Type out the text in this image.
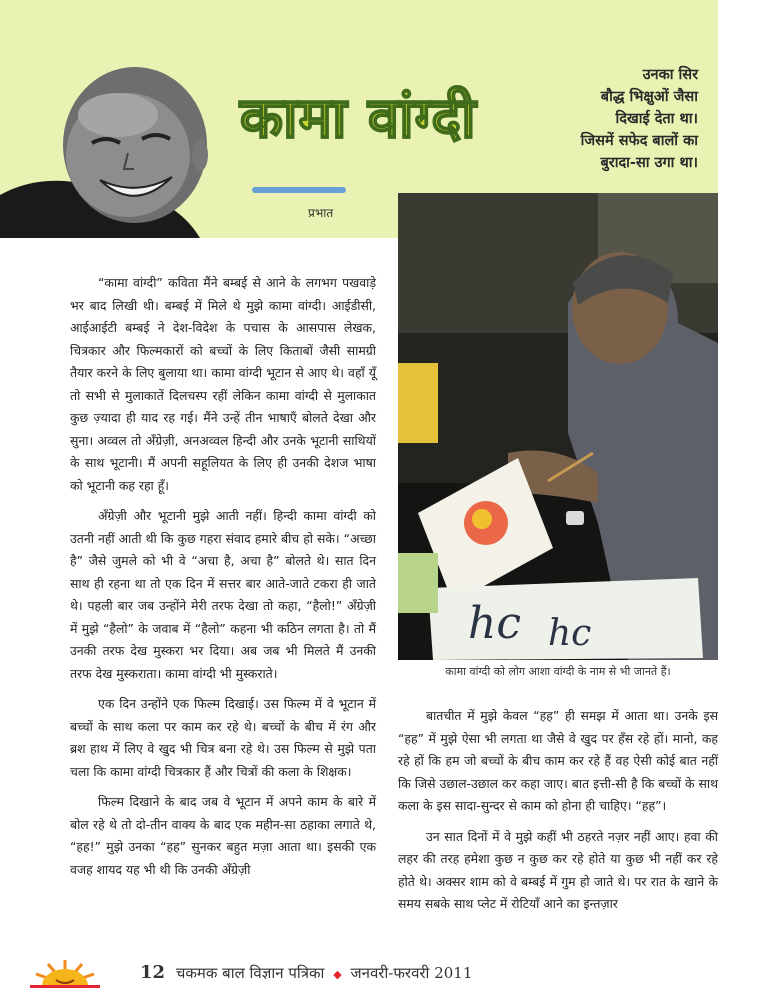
कामा वांग्दी
प्रभात
उनका सिर
बौद्ध भिक्षुओं जैसा
दिखाई देता था।
जिसमें सफेद बालों का
बुरादा-सा उगा था।
hc hc
कामा वांग्दी को लोग आशा वांग्दी के नाम से भी जानते हैं।

“कामा वांग्दी” कविता मैंने बम्बई से आने के लगभग पखवाड़े भर बाद लिखी थी। बम्बई में मिले थे मुझे कामा वांग्दी। आईडीसी, आईआईटी बम्बई ने देश-विदेश के पचास के आसपास लेखक, चित्रकार और फिल्मकारों को बच्चों के लिए किताबों जैसी सामग्री तैयार करने के लिए बुलाया था। कामा वांग्दी भूटान से आए थे। वहाँ यूँ तो सभी से मुलाकातें दिलचस्प रहीं लेकिन कामा वांग्दी से मुलाकात कुछ ज़्यादा ही याद रह गई। मैंने उन्हें तीन भाषाएँ बोलते देखा और सुना। अव्वल तो अँग्रेज़ी, अनअव्वल हिन्दी और उनके भूटानी साथियों के साथ भूटानी। मैं अपनी सहूलियत के लिए ही उनकी देशज भाषा को भूटानी कह रहा हूँ।

अँग्रेज़ी और भूटानी मुझे आती नहीं। हिन्दी कामा वांग्दी को उतनी नहीं आती थी कि कुछ गहरा संवाद हमारे बीच हो सके। “अच्छा है” जैसे जुमले को भी वे “अचा है, अचा है” बोलते थे। सात दिन साथ ही रहना था तो एक दिन में सत्तर बार आते-जाते टकरा ही जाते थे। पहली बार जब उन्होंने मेरी तरफ देखा तो कहा, “हैलो!” अँग्रेज़ी में मुझे “हैलो” के जवाब में “हैलो” कहना भी कठिन लगता है। तो मैं उनकी तरफ देख मुस्करा भर दिया। अब जब भी मिलते मैं उनकी तरफ देख मुस्कराता। कामा वांग्दी भी मुस्कराते।

एक दिन उन्होंने एक फिल्म दिखाई। उस फिल्म में वे भूटान में बच्चों के साथ कला पर काम कर रहे थे। बच्चों के बीच में रंग और ब्रश हाथ में लिए वे खुद भी चित्र बना रहे थे। उस फिल्म से मुझे पता चला कि कामा वांग्दी चित्रकार हैं और चित्रों की कला के शिक्षक।

फिल्म दिखाने के बाद जब वे भूटान में अपने काम के बारे में बोल रहे थे तो दो-तीन वाक्य के बाद एक महीन-सा ठहाका लगाते थे, “हह!” मुझे उनका “हह” सुनकर बहुत मज़ा आता था। इसकी एक वजह शायद यह भी थी कि उनकी अँग्रेज़ी

बातचीत में मुझे केवल “हह” ही समझ में आता था। उनके इस “हह” में मुझे ऐसा भी लगता था जैसे वे खुद पर हँस रहे हों। मानो, कह रहे हों कि हम जो बच्चों के बीच काम कर रहे हैं वह ऐसी कोई बात नहीं कि जिसे उछाल-उछाल कर कहा जाए। बात इत्ती-सी है कि बच्चों के साथ कला के इस सादा-सुन्दर से काम को होना ही चाहिए। “हह”।

उन सात दिनों में वे मुझे कहीं भी ठहरते नज़र नहीं आए। हवा की लहर की तरह हमेशा कुछ न कुछ कर रहे होते या कुछ भी नहीं कर रहे होते थे। अक्सर शाम को वे बम्बई में गुम हो जाते थे। पर रात के खाने के समय सबके साथ प्लेट में रोटियाँ आने का इन्तज़ार

12 चकमक बाल विज्ञान पत्रिका ◆ जनवरी-फरवरी 2011
